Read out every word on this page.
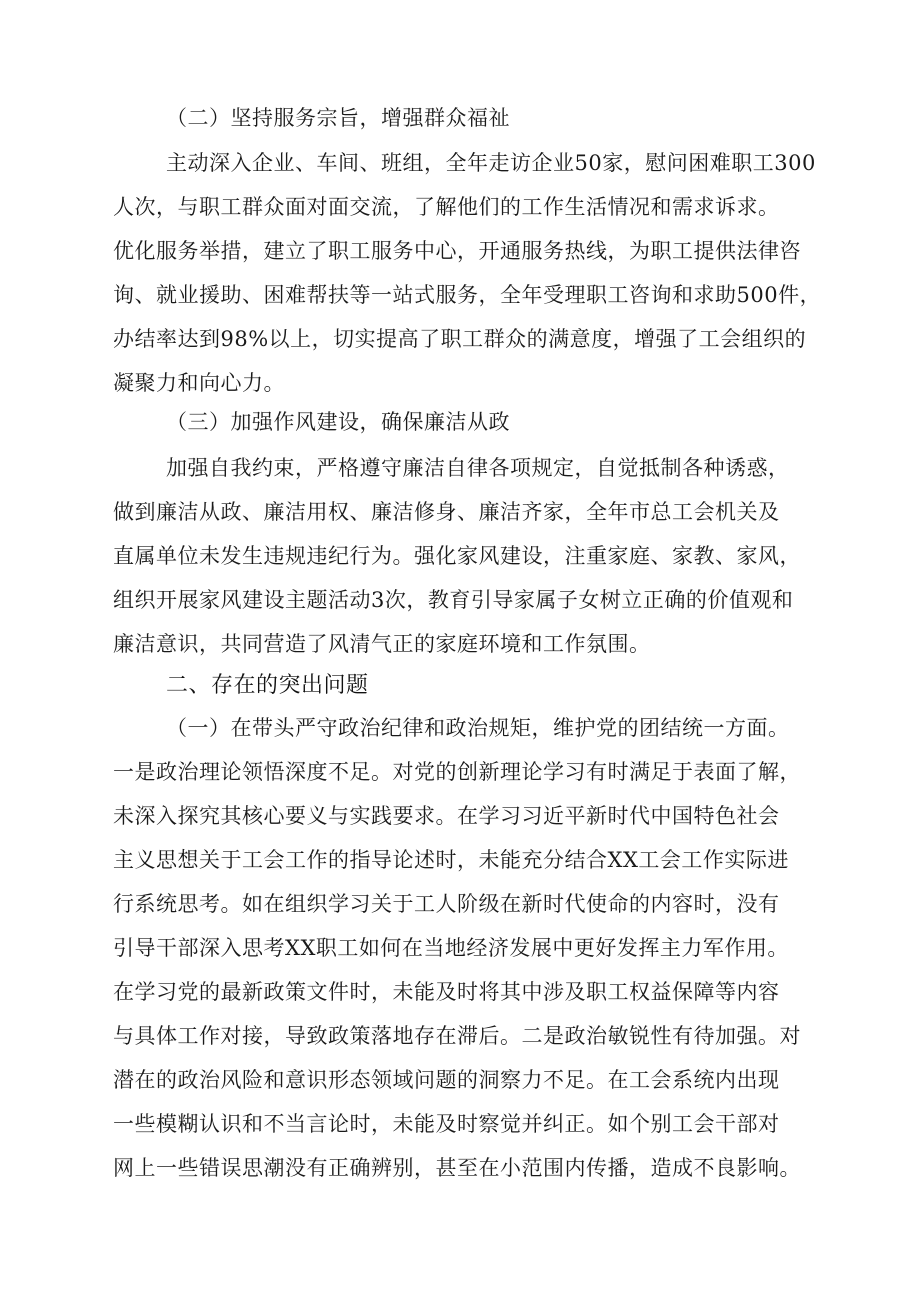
（二）坚持服务宗旨，增强群众福祉
主动深入企业、车间、班组，全年走访企业50家，慰问困难职工300
人次，与职工群众面对面交流，了解他们的工作生活情况和需求诉求。
优化服务举措，建立了职工服务中心，开通服务热线，为职工提供法律咨
询、就业援助、困难帮扶等一站式服务，全年受理职工咨询和求助500件，
办结率达到98%以上，切实提高了职工群众的满意度，增强了工会组织的
凝聚力和向心力。
（三）加强作风建设，确保廉洁从政
加强自我约束，严格遵守廉洁自律各项规定，自觉抵制各种诱惑，
做到廉洁从政、廉洁用权、廉洁修身、廉洁齐家，全年市总工会机关及
直属单位未发生违规违纪行为。强化家风建设，注重家庭、家教、家风，
组织开展家风建设主题活动3次，教育引导家属子女树立正确的价值观和
廉洁意识，共同营造了风清气正的家庭环境和工作氛围。
二、存在的突出问题
（一）在带头严守政治纪律和政治规矩，维护党的团结统一方面。
一是政治理论领悟深度不足。对党的创新理论学习有时满足于表面了解，
未深入探究其核心要义与实践要求。在学习习近平新时代中国特色社会
主义思想关于工会工作的指导论述时，未能充分结合XX工会工作实际进
行系统思考。如在组织学习关于工人阶级在新时代使命的内容时，没有
引导干部深入思考XX职工如何在当地经济发展中更好发挥主力军作用。
在学习党的最新政策文件时，未能及时将其中涉及职工权益保障等内容
与具体工作对接，导致政策落地存在滞后。二是政治敏锐性有待加强。对
潜在的政治风险和意识形态领域问题的洞察力不足。在工会系统内出现
一些模糊认识和不当言论时，未能及时察觉并纠正。如个别工会干部对
网上一些错误思潮没有正确辨别，甚至在小范围内传播，造成不良影响。
